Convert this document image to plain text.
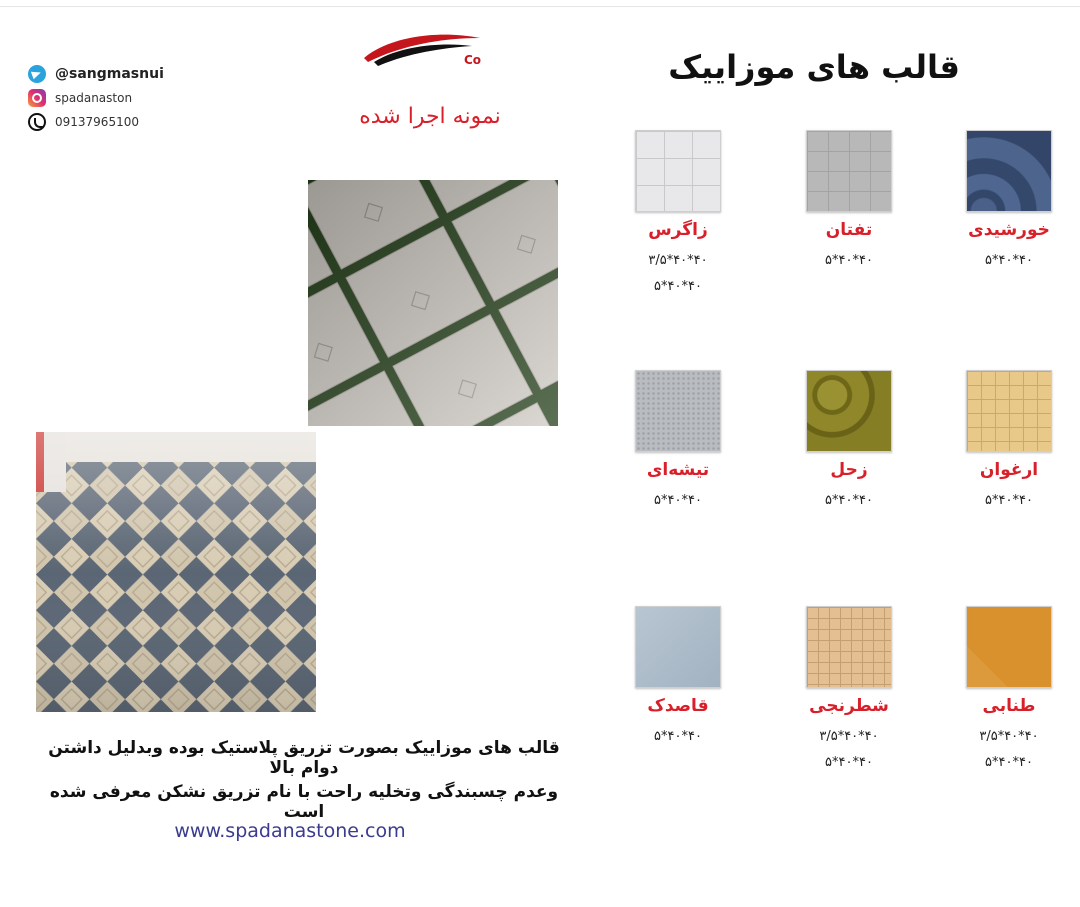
@sangmasnui
spadanaston
09137965100
Co
نمونه اجرا شده
قالب های موزاییک
خورشیدی
۴۰*۴۰*۵
تفتان
۴۰*۴۰*۵
زاگرس
۴۰*۴۰*۳/۵
۴۰*۴۰*۵
ارغوان
۴۰*۴۰*۵
زحل
۴۰*۴۰*۵
تیشه‌ای
۴۰*۴۰*۵
طنابی
۴۰*۴۰*۳/۵
۴۰*۴۰*۵
شطرنجی
۴۰*۴۰*۳/۵
۴۰*۴۰*۵
قاصدک
۴۰*۴۰*۵
قالب های موزاییک بصورت تزریق پلاستیک بوده وبدلیل داشتن دوام بالا
وعدم چسبندگی وتخلیه راحت با نام تزریق نشکن معرفی شده است
www.spadanastone.com
